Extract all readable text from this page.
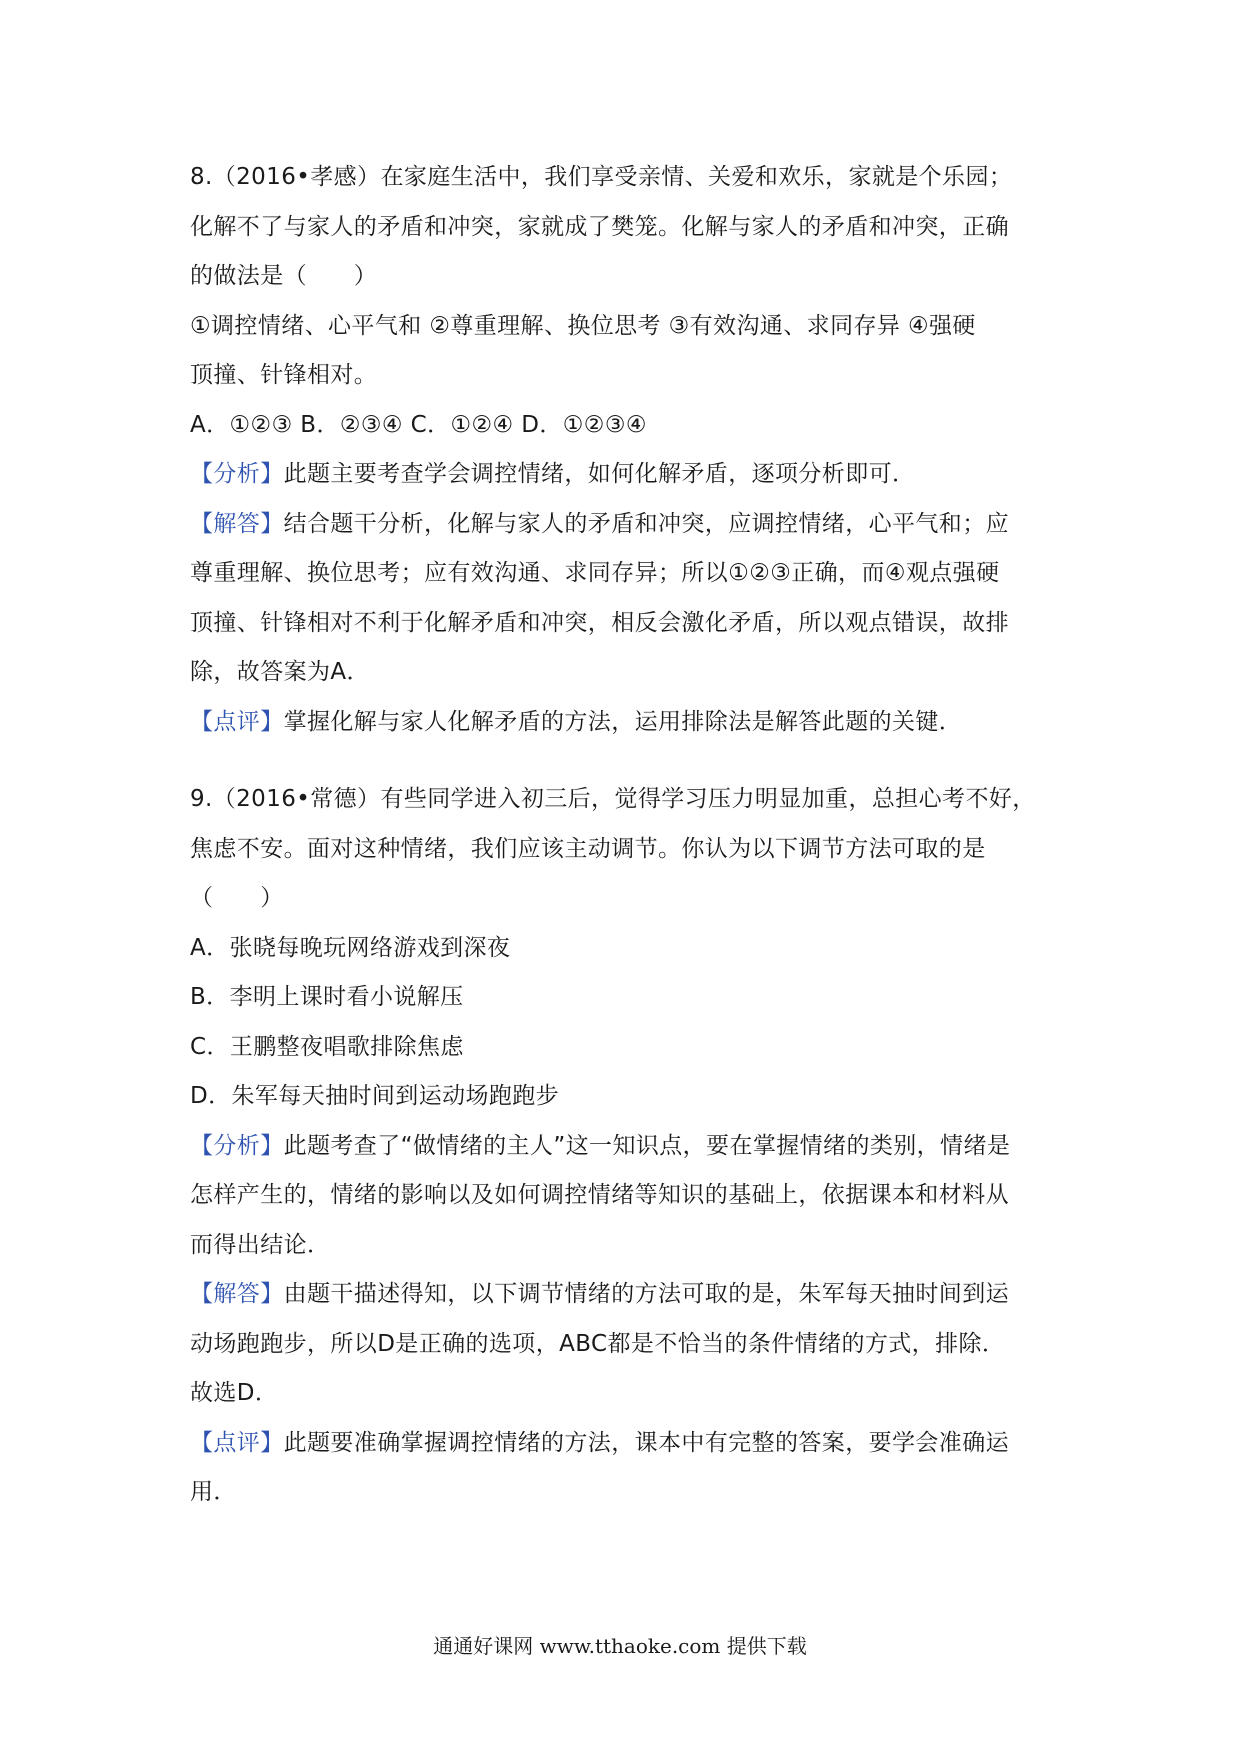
8.（2016•孝感）在家庭生活中，我们享受亲情、关爱和欢乐，家就是个乐园；
化解不了与家人的矛盾和冲突，家就成了樊笼。化解与家人的矛盾和冲突，正确
的做法是（　　）
①调控情绪、心平气和 ②尊重理解、换位思考 ③有效沟通、求同存异 ④强硬
顶撞、针锋相对。
A．①②③ B．②③④ C．①②④ D．①②③④
【分析】此题主要考查学会调控情绪，如何化解矛盾，逐项分析即可．
【解答】结合题干分析，化解与家人的矛盾和冲突，应调控情绪，心平气和；应
尊重理解、换位思考；应有效沟通、求同存异；所以①②③正确，而④观点强硬
顶撞、针锋相对不利于化解矛盾和冲突，相反会激化矛盾，所以观点错误，故排
除，故答案为A．
【点评】掌握化解与家人化解矛盾的方法，运用排除法是解答此题的关键．
9.（2016•常德）有些同学进入初三后，觉得学习压力明显加重，总担心考不好，
焦虑不安。面对这种情绪，我们应该主动调节。你认为以下调节方法可取的是
（　　）
A．张晓每晚玩网络游戏到深夜
B．李明上课时看小说解压
C．王鹏整夜唱歌排除焦虑
D．朱军每天抽时间到运动场跑跑步
【分析】此题考查了“做情绪的主人”这一知识点，要在掌握情绪的类别，情绪是
怎样产生的，情绪的影响以及如何调控情绪等知识的基础上，依据课本和材料从
而得出结论．
【解答】由题干描述得知，以下调节情绪的方法可取的是，朱军每天抽时间到运
动场跑跑步，所以D是正确的选项，ABC都是不恰当的条件情绪的方式，排除．
故选D．
【点评】此题要准确掌握调控情绪的方法，课本中有完整的答案，要学会准确运
用．
通通好课网 www.tthaoke.com 提供下载
